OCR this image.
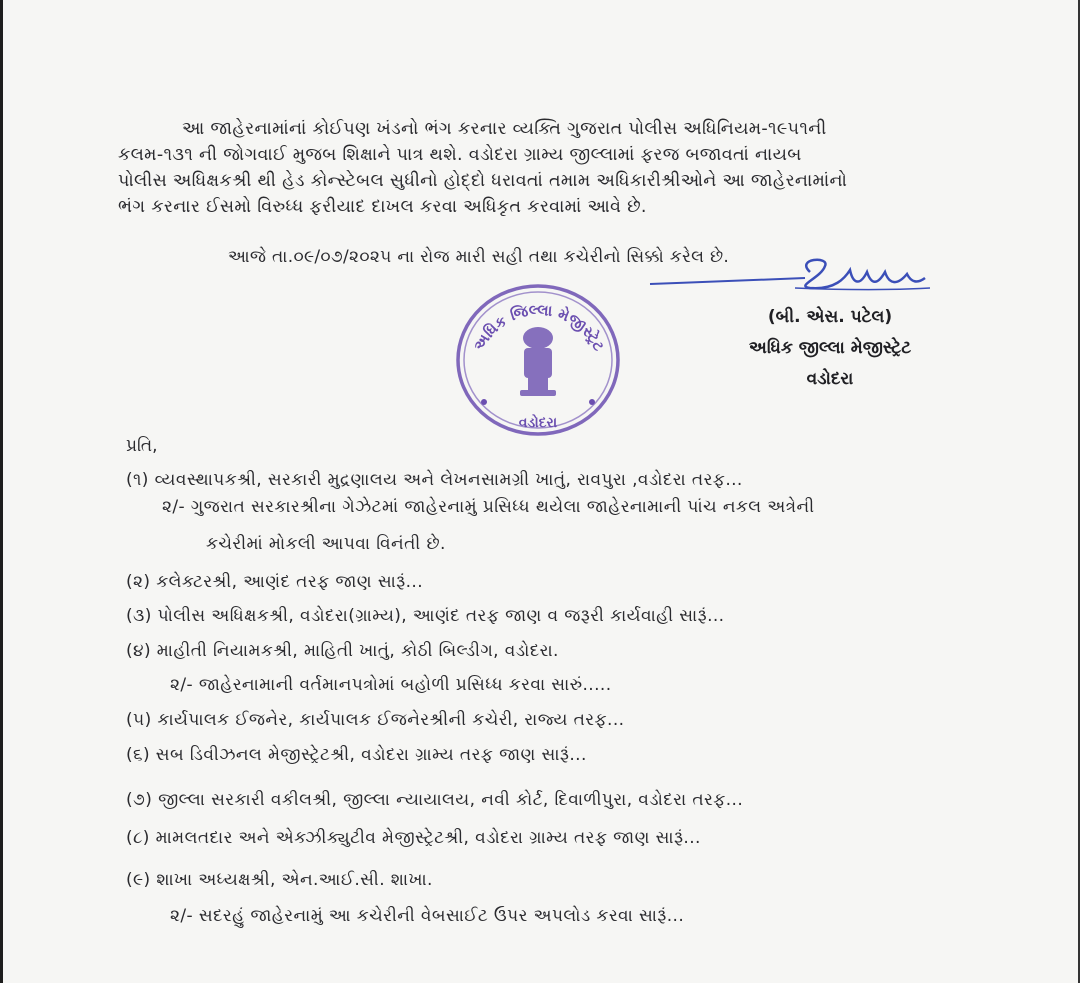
આ જાહેરનામાંનાં કોઈપણ ખંડનો ભંગ કરનાર વ્યક્તિ ગુજરાત પોલીસ અધિનિયમ-૧૯૫૧ની
કલમ-૧૩૧ ની જોગવાઈ મુજબ શિક્ષાને પાત્ર થશે. વડોદરા ગ્રામ્ય જીલ્લામાં ફરજ બજાવતાં નાયબ
પોલીસ અધિક્ષકશ્રી થી હેડ કોન્સ્ટેબલ સુધીનો હોદ્દો ધરાવતાં તમામ અધિકારીશ્રીઓને આ જાહેરનામાંનો
ભંગ કરનાર ઈસમો વિરુધ્ધ ફરીયાદ દાખલ કરવા અધિકૃત કરવામાં આવે છે.
આજે તા.૦૯/૦૭/૨૦૨૫ ના રોજ મારી સહી તથા કચેરીનો સિક્કો કરેલ છે.
(બી. એસ. પટેલ)
અધિક જીલ્લા મેજીસ્ટ્રેટ
વડોદરા
અધિક જિલ્લા મેજીસ્ટ્રેટ
વડોદરા
પ્રતિ,
(૧) વ્યવસ્થાપકશ્રી, સરકારી મુદ્રણાલય અને લેખનસામગ્રી ખાતું, રાવપુરા ,વડોદરા તરફ...
૨/- ગુજરાત સરકારશ્રીના ગેઝેટમાં જાહેરનામું પ્રસિધ્ધ થયેલા જાહેરનામાની પાંચ નકલ અત્રેની
કચેરીમાં મોકલી આપવા વિનંતી છે.
(૨) કલેક્ટરશ્રી, આણંદ તરફ જાણ સારૂં...
(૩) પોલીસ અધિક્ષકશ્રી, વડોદરા(ગ્રામ્ય), આણંદ તરફ જાણ વ જરૂરી કાર્યવાહી સારૂં...
(૪) માહીતી નિયામકશ્રી, માહિતી ખાતું, કોઠી બિલ્ડીગ, વડોદરા.
૨/- જાહેરનામાની વર્તમાનપત્રોમાં બહોળી પ્રસિધ્ધ કરવા સારું.....
(૫) કાર્યપાલક ઈજનેર, કાર્યપાલક ઈજનેરશ્રીની કચેરી, રાજ્ય તરફ...
(૬) સબ ડિવીઝનલ મેજીસ્ટ્રેટશ્રી, વડોદરા ગ્રામ્ય તરફ જાણ સારૂં...
(૭) જીલ્લા સરકારી વકીલશ્રી, જીલ્લા ન્યાયાલય, નવી કોર્ટ, દિવાળીપુરા, વડોદરા તરફ...
(૮) મામલતદાર અને એક્ઝીક્યુટીવ મેજીસ્ટ્રેટશ્રી, વડોદરા ગ્રામ્ય તરફ જાણ સારૂં...
(૯) શાખા અધ્યક્ષશ્રી, એન.આઈ.સી. શાખા.
૨/- સદરહું જાહેરનામું આ કચેરીની વેબસાઈટ ઉપર અપલોડ કરવા સારૂં...
